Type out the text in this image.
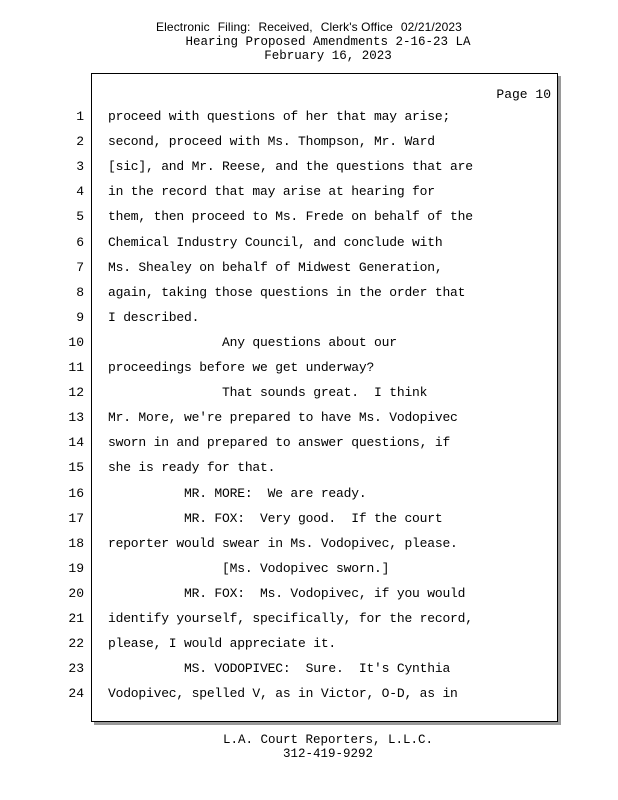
Electronic Filing: Received, Clerk's Office 02/21/2023
Hearing Proposed Amendments 2-16-23 LA
February 16, 2023
Page 10
1 proceed with questions of her that may arise;
2 second, proceed with Ms. Thompson, Mr. Ward
3 [sic], and Mr. Reese, and the questions that are
4 in the record that may arise at hearing for
5 them, then proceed to Ms. Frede on behalf of the
6 Chemical Industry Council, and conclude with
7 Ms. Shealey on behalf of Midwest Generation,
8 again, taking those questions in the order that
9 I described.
10 Any questions about our
11 proceedings before we get underway?
12 That sounds great.  I think
13 Mr. More, we're prepared to have Ms. Vodopivec
14 sworn in and prepared to answer questions, if
15 she is ready for that.
16 MR. MORE:  We are ready.
17 MR. FOX:  Very good.  If the court
18 reporter would swear in Ms. Vodopivec, please.
19 [Ms. Vodopivec sworn.]
20 MR. FOX:  Ms. Vodopivec, if you would
21 identify yourself, specifically, for the record,
22 please, I would appreciate it.
23 MS. VODOPIVEC:  Sure.  It's Cynthia
24 Vodopivec, spelled V, as in Victor, O-D, as in
L.A. Court Reporters, L.L.C.
312-419-9292
